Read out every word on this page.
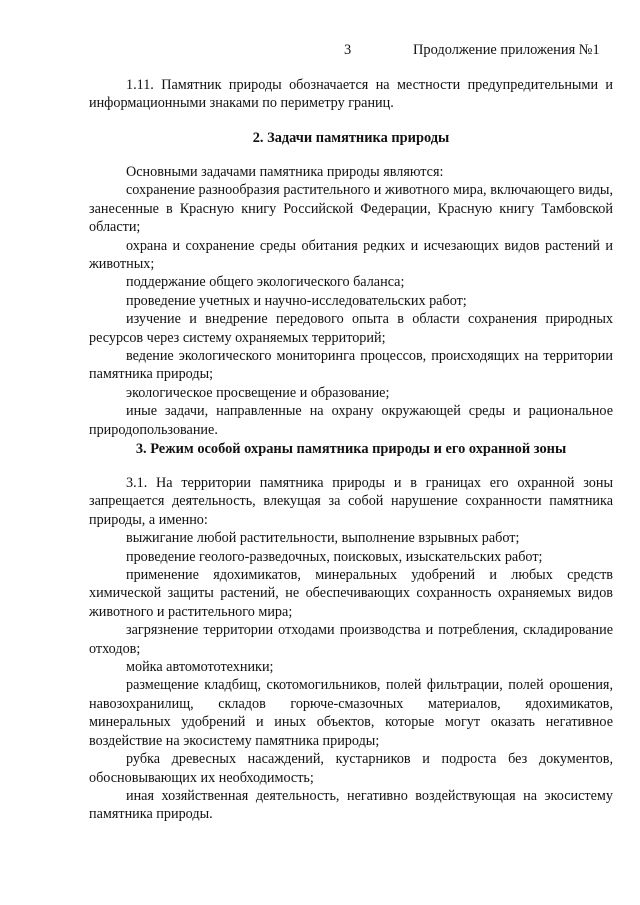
3	Продолжение приложения №1

1.11. Памятник природы обозначается на местности предупредительными и информационными знаками по периметру границ.

2. Задачи памятника природы

Основными задачами памятника природы являются:

сохранение разнообразия растительного и животного мира, включающего виды, занесенные в Красную книгу Российской Федерации, Красную книгу Тамбовской области;

охрана и сохранение среды обитания редких и исчезающих видов растений и животных;

поддержание общего экологического баланса;

проведение учетных и научно-исследовательских работ;

изучение и внедрение передового опыта в области сохранения природных ресурсов через систему охраняемых территорий;

ведение экологического мониторинга процессов, происходящих на территории памятника природы;

экологическое просвещение и образование;

иные задачи, направленные на охрану окружающей среды и рациональное природопользование.

3. Режим особой охраны памятника природы и его охранной зоны

3.1. На территории памятника природы и в границах его охранной зоны запрещается деятельность, влекущая за собой нарушение сохранности памятника природы, а именно:

выжигание любой растительности, выполнение взрывных работ;

проведение геолого-разведочных, поисковых, изыскательских работ;

применение ядохимикатов, минеральных удобрений и любых средств химической защиты растений, не обеспечивающих сохранность охраняемых видов животного и растительного мира;

загрязнение территории отходами производства и потребления, складирование отходов;

мойка автомототехники;

размещение кладбищ, скотомогильников, полей фильтрации, полей орошения, навозохранилищ, складов горюче-смазочных материалов, ядохимикатов, минеральных удобрений и иных объектов, которые могут оказать негативное воздействие на экосистему памятника природы;

рубка древесных насаждений, кустарников и подроста без документов, обосновывающих их необходимость;

иная хозяйственная деятельность, негативно воздействующая на экосистему памятника природы.
